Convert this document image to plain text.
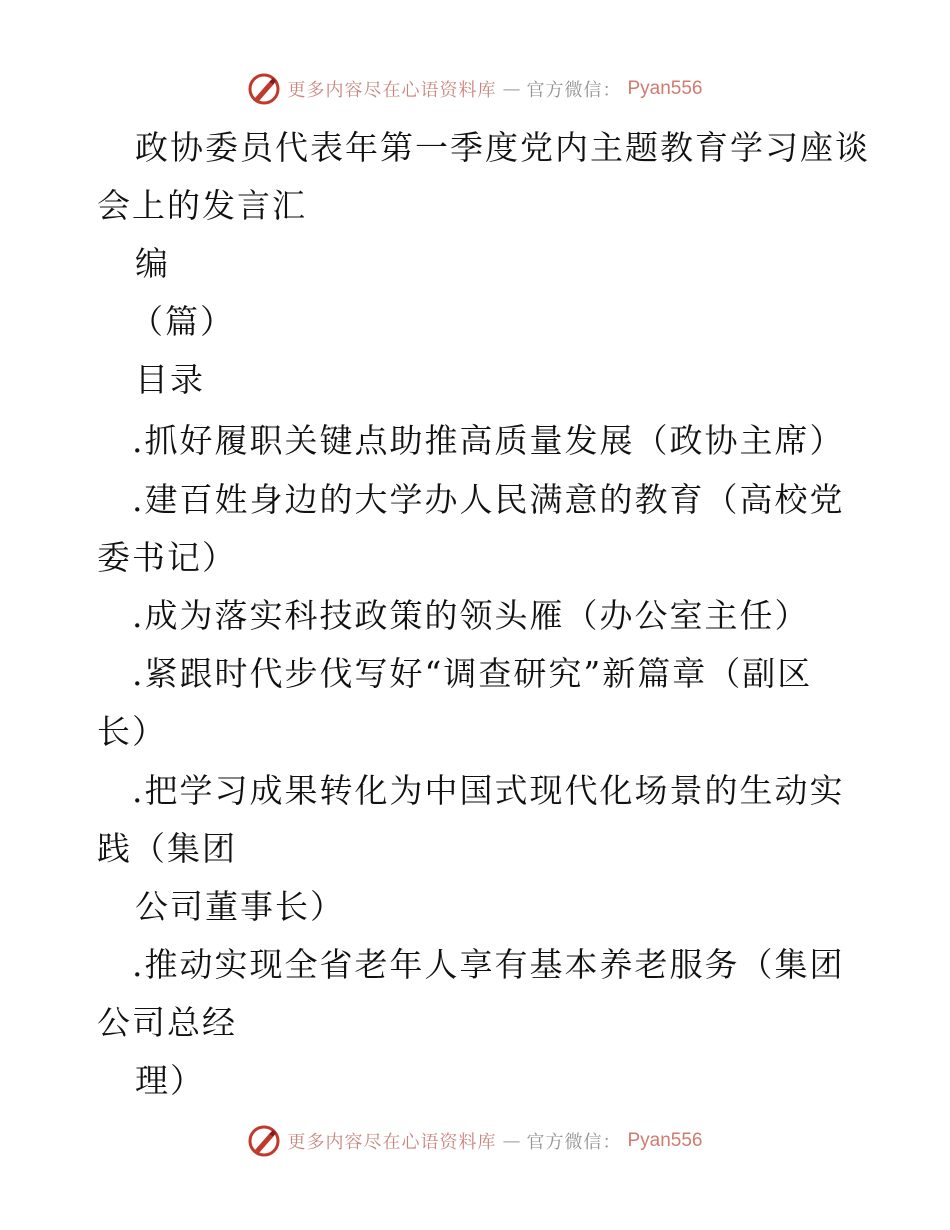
更多内容尽在心语资料库 — 官方微信： Pyan556
政协委员代表年第一季度党内主题教育学习座谈
会上的发言汇
编
（篇）
目录
.抓好履职关键点助推高质量发展（政协主席）
.建百姓身边的大学办人民满意的教育（高校党
委书记）
.成为落实科技政策的领头雁（办公室主任）
.紧跟时代步伐写好“调查研究”新篇章（副区
长）
.把学习成果转化为中国式现代化场景的生动实
践（集团
公司董事长）
.推动实现全省老年人享有基本养老服务（集团
公司总经
理）
更多内容尽在心语资料库 — 官方微信： Pyan556
